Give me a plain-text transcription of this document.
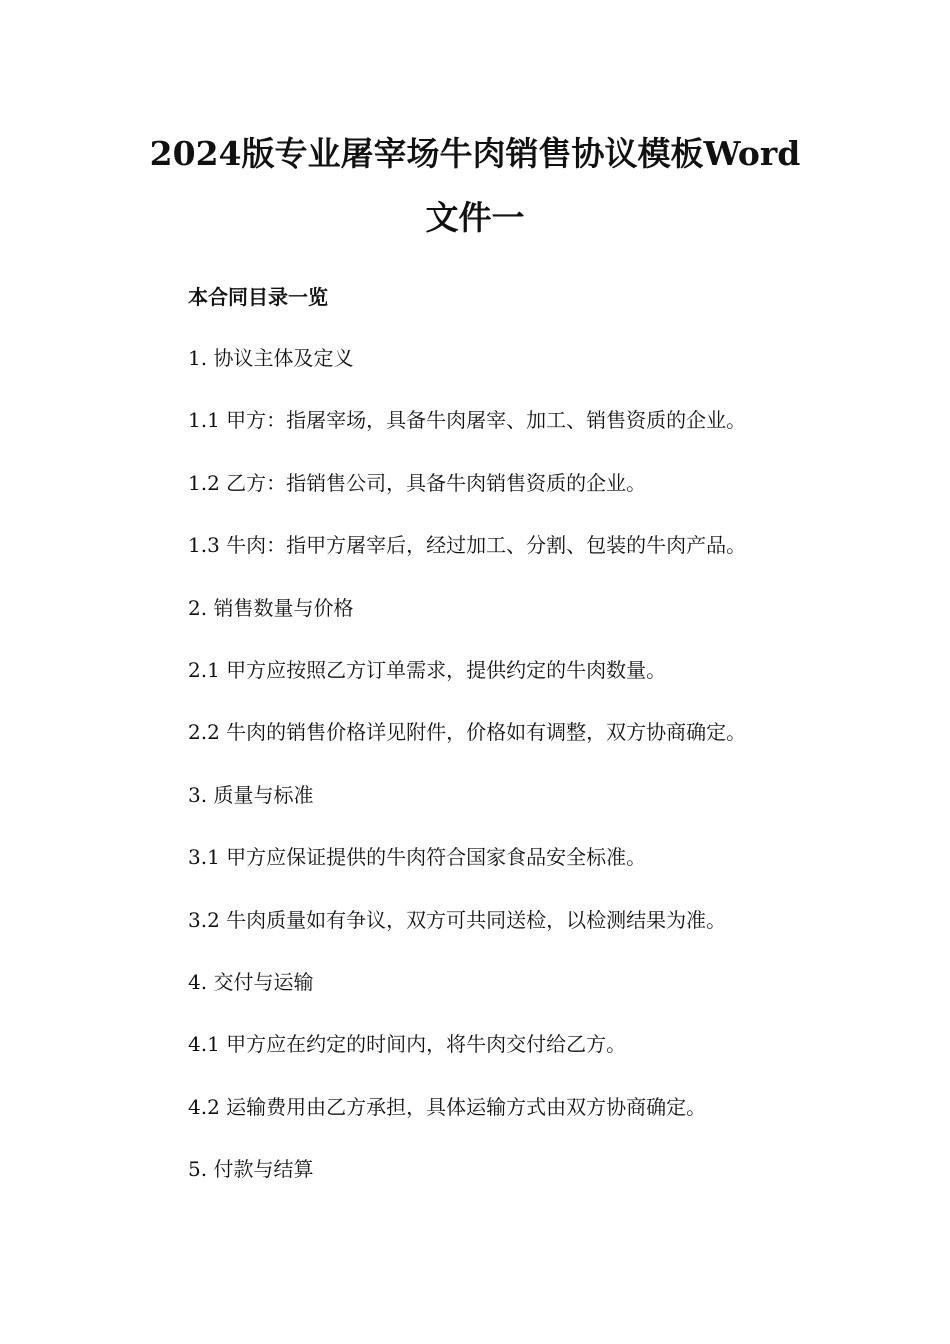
2024版专业屠宰场牛肉销售协议模板Word
文件一

本合同目录一览

1. 协议主体及定义
1.1 甲方：指屠宰场，具备牛肉屠宰、加工、销售资质的企业。
1.2 乙方：指销售公司，具备牛肉销售资质的企业。
1.3 牛肉：指甲方屠宰后，经过加工、分割、包装的牛肉产品。
2. 销售数量与价格
2.1 甲方应按照乙方订单需求，提供约定的牛肉数量。
2.2 牛肉的销售价格详见附件，价格如有调整，双方协商确定。
3. 质量与标准
3.1 甲方应保证提供的牛肉符合国家食品安全标准。
3.2 牛肉质量如有争议，双方可共同送检，以检测结果为准。
4. 交付与运输
4.1 甲方应在约定的时间内，将牛肉交付给乙方。
4.2 运输费用由乙方承担，具体运输方式由双方协商确定。
5. 付款与结算
